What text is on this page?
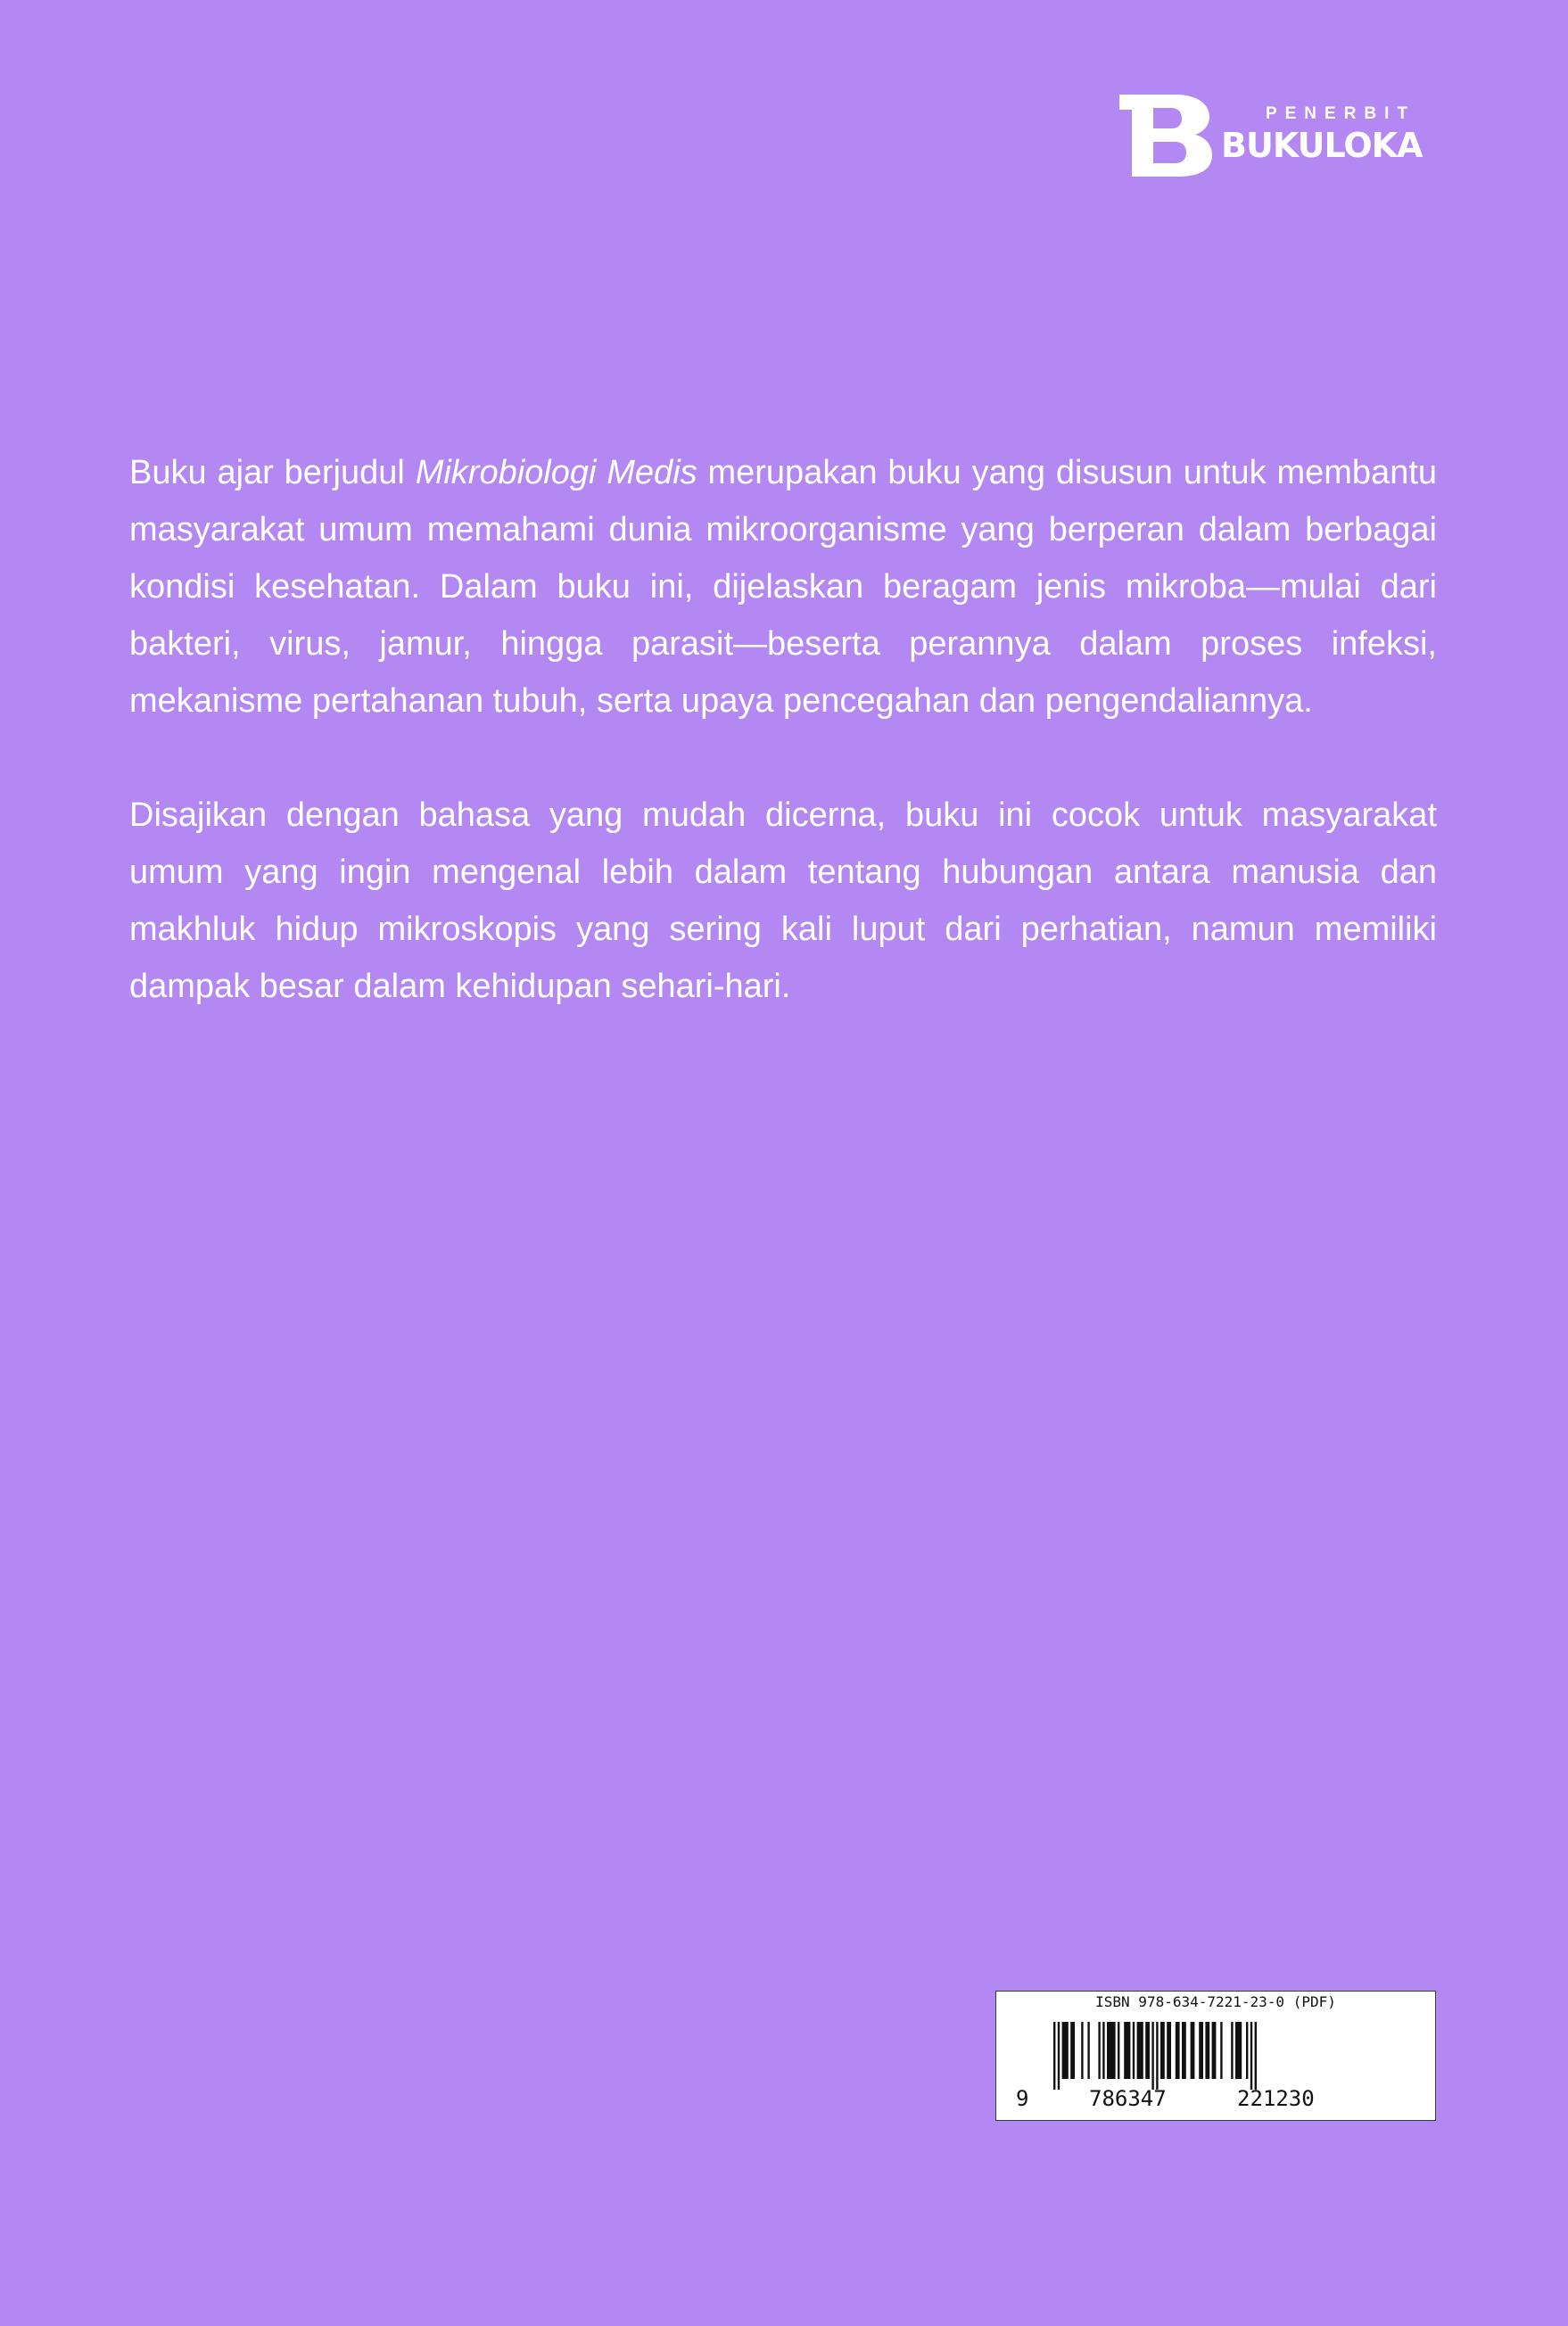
PENERBIT
BUKULOKA

Buku ajar berjudul Mikrobiologi Medis merupakan buku yang disusun untuk membantu masyarakat umum memahami dunia mikroorganisme yang berperan dalam berbagai kondisi kesehatan. Dalam buku ini, dijelaskan beragam jenis mikroba—mulai dari bakteri, virus, jamur, hingga parasit—beserta perannya dalam proses infeksi, mekanisme pertahanan tubuh, serta upaya pencegahan dan pengendaliannya.

Disajikan dengan bahasa yang mudah dicerna, buku ini cocok untuk masyarakat umum yang ingin mengenal lebih dalam tentang hubungan antara manusia dan makhluk hidup mikroskopis yang sering kali luput dari perhatian, namun memiliki dampak besar dalam kehidupan sehari-hari.

ISBN 978-634-7221-23-0 (PDF)
9	786347	221230
